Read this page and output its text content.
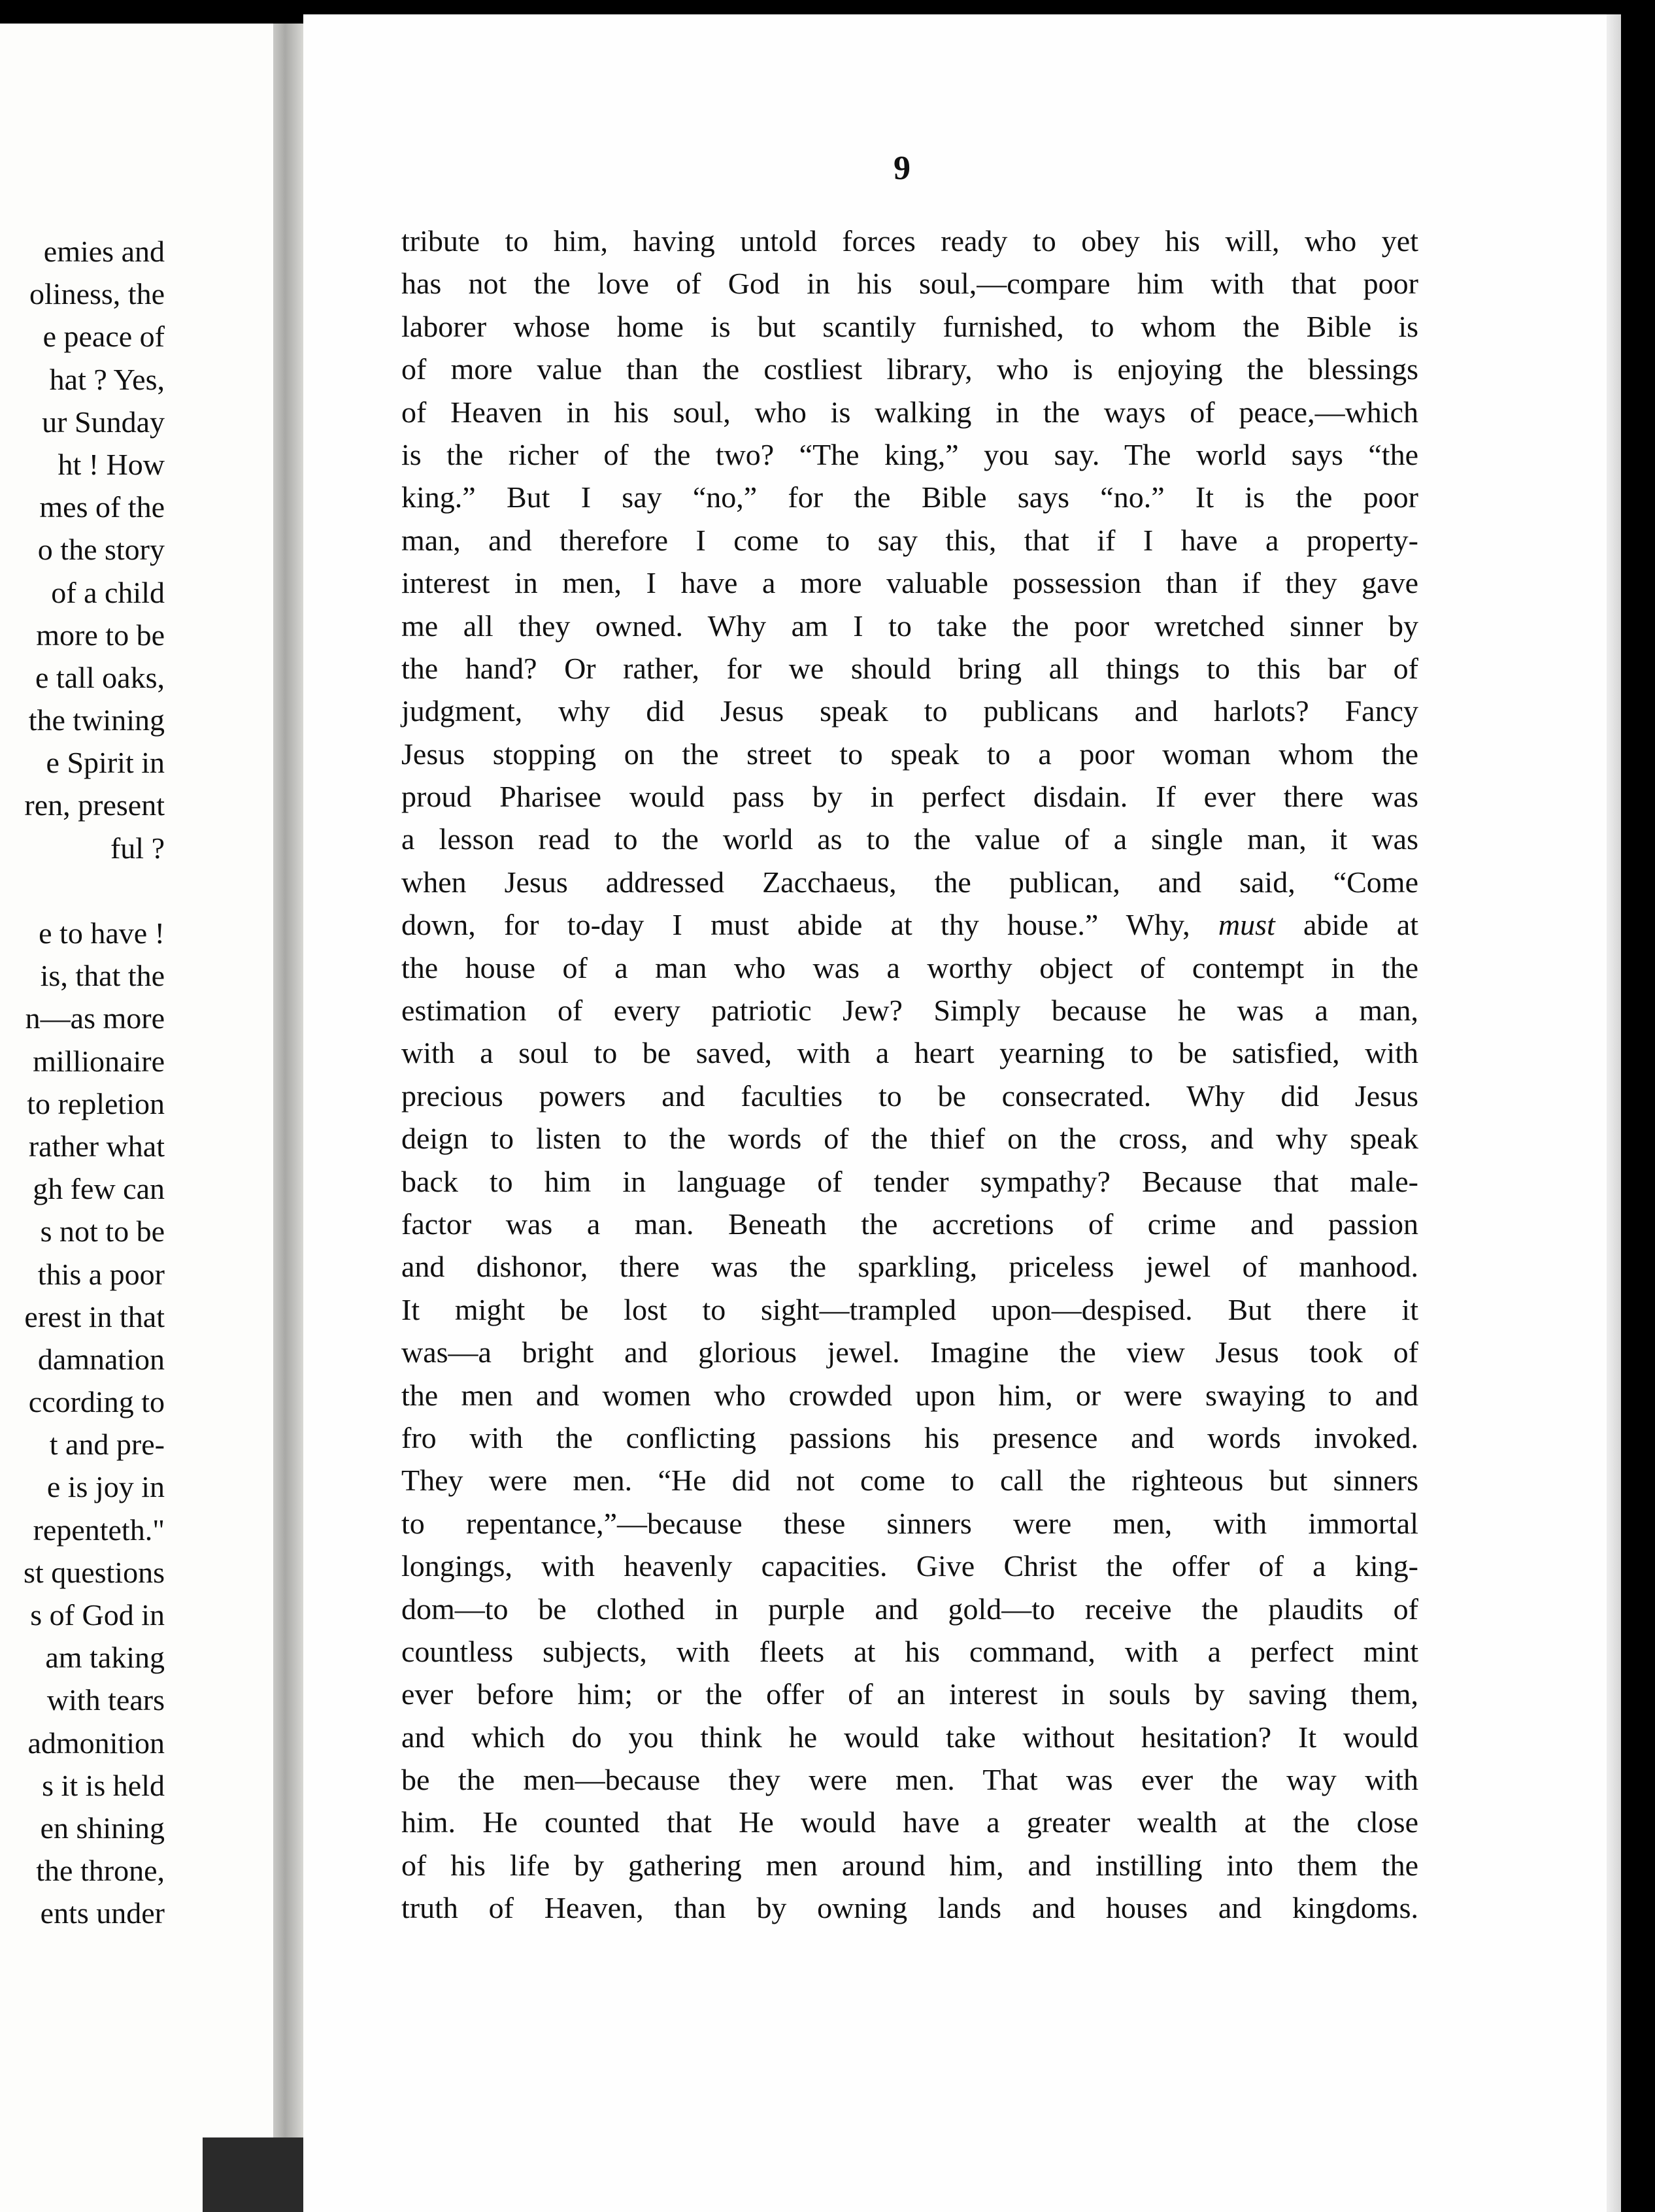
emies and
oliness, the
e peace of
hat ? Yes,
ur Sunday
ht ! How
mes of the
o the story
of a child
more to be
e tall oaks,
the twining
e Spirit in
ren, present
ful ?
e to have !
is, that the
n—as more
millionaire
to repletion
rather what
gh few can
s not to be
this a poor
erest in that
damnation
ccording to
t and pre-
e is joy in
repenteth."
st questions
s of God in
am taking
with tears
admonition
s it is held
en shining
the throne,
ents under
9
tribute to him, having untold forces ready to obey his will, who yet
has not the love of God in his soul,—compare him with that poor
laborer whose home is but scantily furnished, to whom the Bible is
of more value than the costliest library, who is enjoying the blessings
of Heaven in his soul, who is walking in the ways of peace,—which
is the richer of the two? “The king,” you say. The world says “the
king.” But I say “no,” for the Bible says “no.” It is the poor
man, and therefore I come to say this, that if I have a property-
interest in men, I have a more valuable possession than if they gave
me all they owned. Why am I to take the poor wretched sinner by
the hand? Or rather, for we should bring all things to this bar of
judgment, why did Jesus speak to publicans and harlots? Fancy
Jesus stopping on the street to speak to a poor woman whom the
proud Pharisee would pass by in perfect disdain. If ever there was
a lesson read to the world as to the value of a single man, it was
when Jesus addressed Zacchaeus, the publican, and said, “Come
down, for to-day I must abide at thy house.” Why, must abide at
the house of a man who was a worthy object of contempt in the
estimation of every patriotic Jew? Simply because he was a man,
with a soul to be saved, with a heart yearning to be satisfied, with
precious powers and faculties to be consecrated. Why did Jesus
deign to listen to the words of the thief on the cross, and why speak
back to him in language of tender sympathy? Because that male-
factor was a man. Beneath the accretions of crime and passion
and dishonor, there was the sparkling, priceless jewel of manhood.
It might be lost to sight—trampled upon—despised. But there it
was—a bright and glorious jewel. Imagine the view Jesus took of
the men and women who crowded upon him, or were swaying to and
fro with the conflicting passions his presence and words invoked.
They were men. “He did not come to call the righteous but sinners
to repentance,”—because these sinners were men, with immortal
longings, with heavenly capacities. Give Christ the offer of a king-
dom—to be clothed in purple and gold—to receive the plaudits of
countless subjects, with fleets at his command, with a perfect mint
ever before him; or the offer of an interest in souls by saving them,
and which do you think he would take without hesitation? It would
be the men—because they were men. That was ever the way with
him. He counted that He would have a greater wealth at the close
of his life by gathering men around him, and instilling into them the
truth of Heaven, than by owning lands and houses and kingdoms.
